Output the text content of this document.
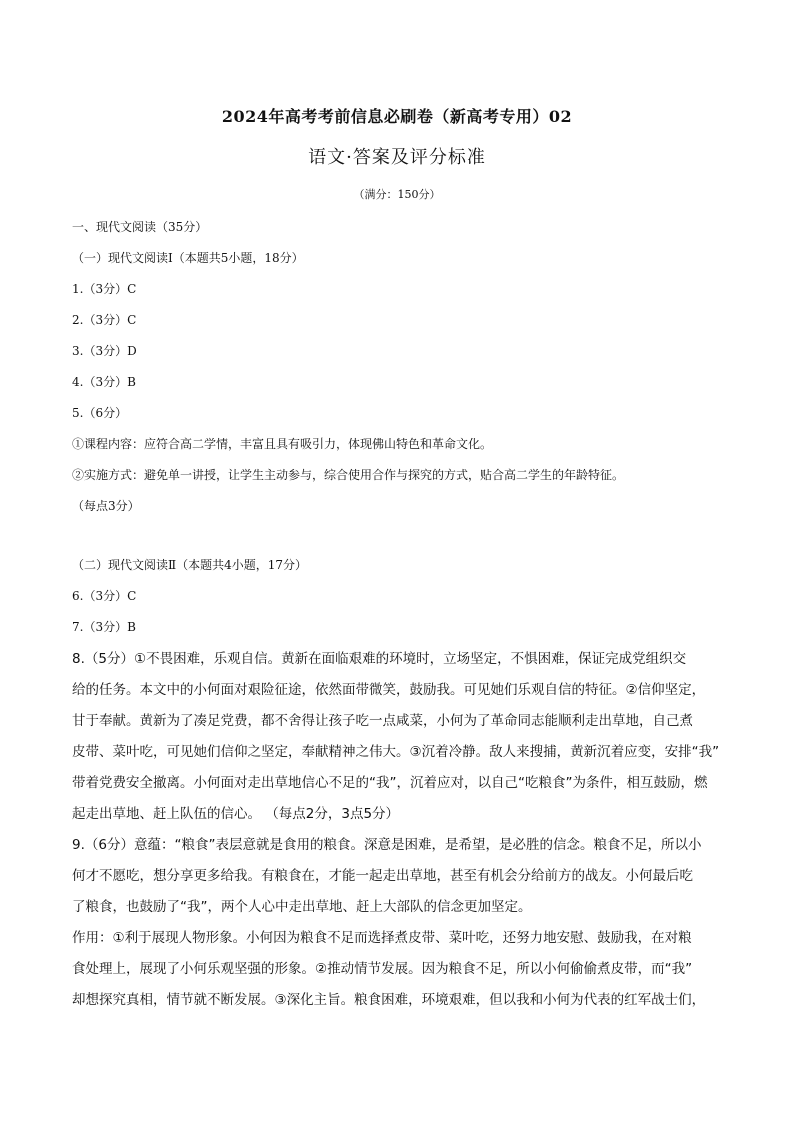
2024年高考考前信息必刷卷（新高考专用）02
语文·答案及评分标准
（满分：150分）
一、现代文阅读（35分）
（一）现代文阅读Ⅰ（本题共5小题，18分）
1.（3分）C
2.（3分）C
3.（3分）D
4.（3分）B
5.（6分）
①课程内容：应符合高二学情，丰富且具有吸引力，体现佛山特色和革命文化。
②实施方式：避免单一讲授，让学生主动参与，综合使用合作与探究的方式，贴合高二学生的年龄特征。
（每点3分）
（二）现代文阅读Ⅱ（本题共4小题，17分）
6.（3分）C
7.（3分）B
8.（5分）①不畏困难，乐观自信。黄新在面临艰难的环境时，立场坚定，不惧困难，保证完成党组织交
给的任务。本文中的小何面对艰险征途，依然面带微笑，鼓励我。可见她们乐观自信的特征。②信仰坚定，
甘于奉献。黄新为了凑足党费，都不舍得让孩子吃一点咸菜，小何为了革命同志能顺利走出草地，自己煮
皮带、菜叶吃，可见她们信仰之坚定，奉献精神之伟大。③沉着冷静。敌人来搜捕，黄新沉着应变，安排“我”
带着党费安全撤离。小何面对走出草地信心不足的“我”，沉着应对，以自己“吃粮食”为条件，相互鼓励，燃
起走出草地、赶上队伍的信心。 （每点2分，3点5分）
9.（6分）意蕴：“粮食”表层意就是食用的粮食。深意是困难，是希望，是必胜的信念。粮食不足，所以小
何才不愿吃，想分享更多给我。有粮食在，才能一起走出草地，甚至有机会分给前方的战友。小何最后吃
了粮食，也鼓励了“我”，两个人心中走出草地、赶上大部队的信念更加坚定。
作用：①利于展现人物形象。小何因为粮食不足而选择煮皮带、菜叶吃，还努力地安慰、鼓励我，在对粮
食处理上，展现了小何乐观坚强的形象。②推动情节发展。因为粮食不足，所以小何偷偷煮皮带，而“我”
却想探究真相，情节就不断发展。③深化主旨。粮食困难，环境艰难，但以我和小何为代表的红军战士们，
